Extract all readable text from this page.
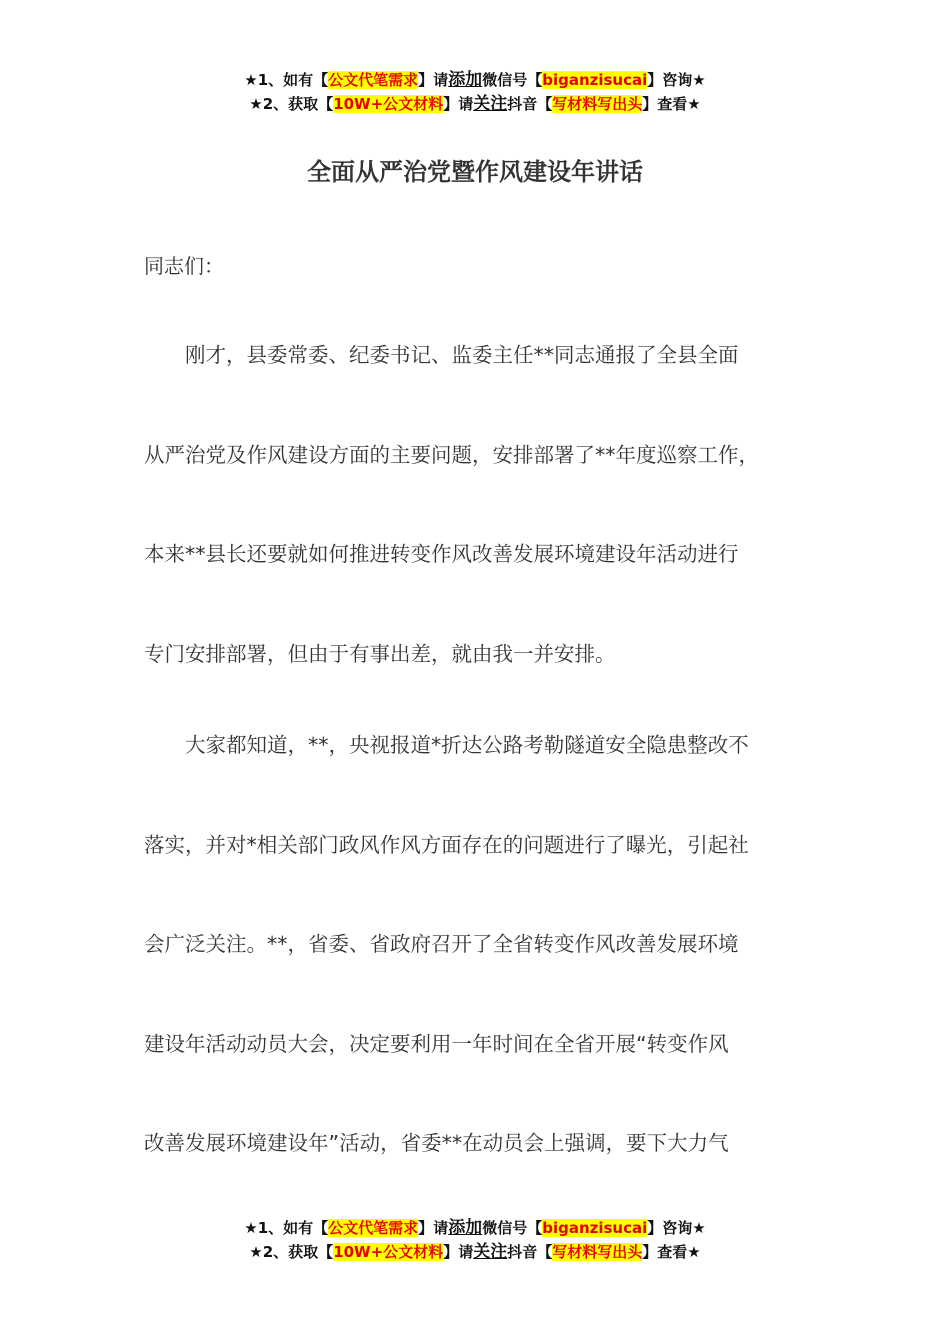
★1、如有【公文代笔需求】请添加微信号【biganzisucai】咨询★
★2、获取【10W+公文材料】请关注抖音【写材料写出头】查看★
全面从严治党暨作风建设年讲话
同志们：
　　刚才，县委常委、纪委书记、监委主任**同志通报了全县全面
从严治党及作风建设方面的主要问题，安排部署了**年度巡察工作，
本来**县长还要就如何推进转变作风改善发展环境建设年活动进行
专门安排部署，但由于有事出差，就由我一并安排。
　　大家都知道，**，央视报道*折达公路考勒隧道安全隐患整改不
落实，并对*相关部门政风作风方面存在的问题进行了曝光，引起社
会广泛关注。**，省委、省政府召开了全省转变作风改善发展环境
建设年活动动员大会，决定要利用一年时间在全省开展“转变作风
改善发展环境建设年”活动，省委**在动员会上强调，要下大力气
★1、如有【公文代笔需求】请添加微信号【biganzisucai】咨询★
★2、获取【10W+公文材料】请关注抖音【写材料写出头】查看★
